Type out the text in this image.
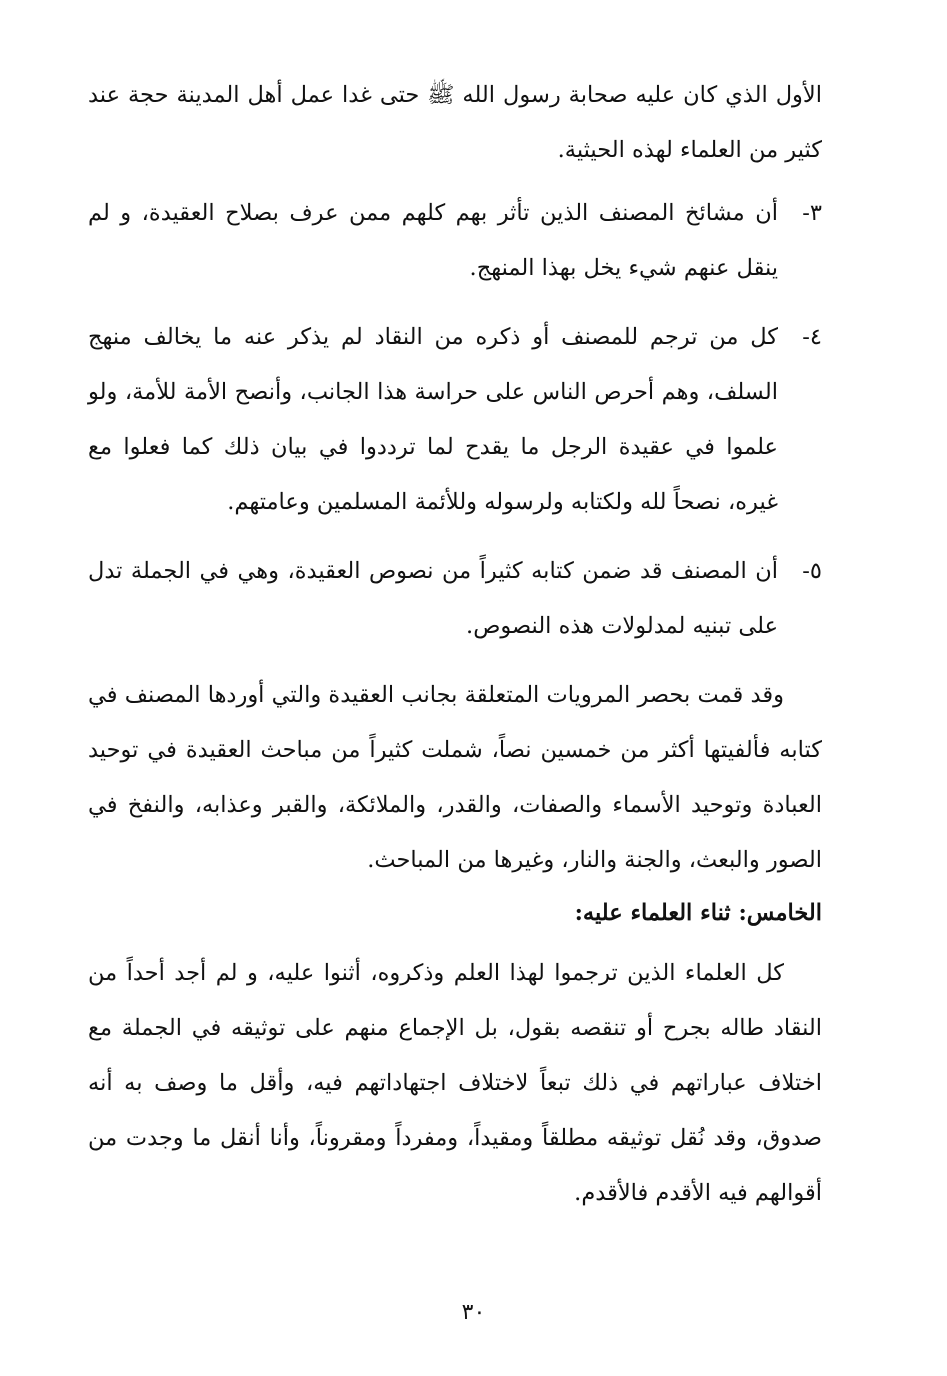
الأول الذي كان عليه صحابة رسول الله ﷺ حتى غدا عمل أهل المدينة حجة عند كثير من العلماء لهذه الحيثية.

٣-
أن مشائخ المصنف الذين تأثر بهم كلهم ممن عرف بصلاح العقيدة، و لم ينقل عنهم شيء يخل بهذا المنهج.
٤-
كل من ترجم للمصنف أو ذكره من النقاد لم يذكر عنه ما يخالف منهج السلف، وهم أحرص الناس على حراسة هذا الجانب، وأنصح الأمة للأمة، ولو علموا في عقيدة الرجل ما يقدح لما ترددوا في بيان ذلك كما فعلوا مع غيره، نصحاً لله ولكتابه ولرسوله وللأئمة المسلمين وعامتهم.
٥-
أن المصنف قد ضمن كتابه كثيراً من نصوص العقيدة، وهي في الجملة تدل على تبنيه لمدلولات هذه النصوص.

وقد قمت بحصر المرويات المتعلقة بجانب العقيدة والتي أوردها المصنف في كتابه فألفيتها أكثر من خمسين نصاً، شملت كثيراً من مباحث العقيدة في توحيد العبادة وتوحيد الأسماء والصفات، والقدر، والملائكة، والقبر وعذابه، والنفخ في الصور والبعث، والجنة والنار، وغيرها من المباحث.

الخامس: ثناء العلماء عليه:

كل العلماء الذين ترجموا لهذا العلم وذكروه، أثنوا عليه، و لم أجد أحداً من النقاد طاله بجرح أو تنقصه بقول، بل الإجماع منهم على توثيقه في الجملة مع اختلاف عباراتهم في ذلك تبعاً لاختلاف اجتهاداتهم فيه، وأقل ما وصف به أنه صدوق، وقد نُقل توثيقه مطلقاً ومقيداً، ومفرداً ومقروناً، وأنا أنقل ما وجدت من أقوالهم فيه الأقدم فالأقدم.

٣٠
